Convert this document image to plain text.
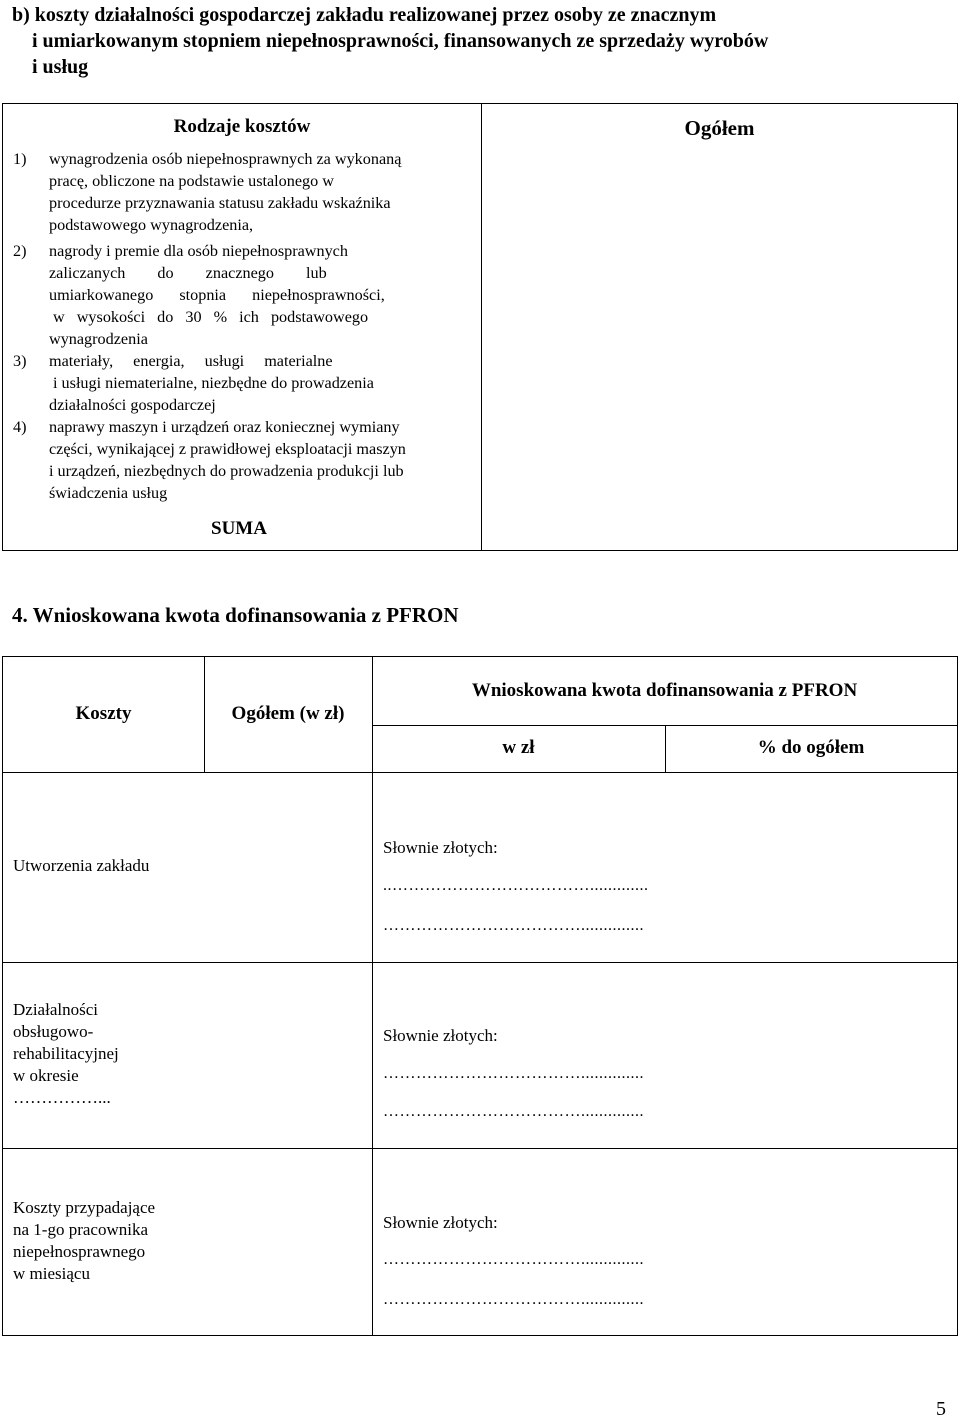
b) koszty działalności gospodarczej zakładu realizowanej przez osoby ze znacznym
i umiarkowanym stopniem niepełnosprawności, finansowanych ze sprzedaży wyrobów
i usług
Rodzaje kosztów	Ogółem
1)	wynagrodzenia osób niepełnosprawnych za wykonaną
pracę, obliczone na podstawie ustalonego w
procedurze przyznawania statusu zakładu wskaźnika
podstawowego wynagrodzenia,
2)	nagrody i premie dla osób niepełnosprawnych
zaliczanych do znacznego lub
umiarkowanego stopnia niepełnosprawności,
w wysokości do 30 % ich podstawowego
wynagrodzenia
3)	materiały, energia, usługi materialne
i usługi niematerialne, niezbędne do prowadzenia
działalności gospodarczej
4)	naprawy maszyn i urządzeń oraz koniecznej wymiany
części, wynikającej z prawidłowej eksploatacji maszyn
i urządzeń, niezbędnych do prowadzenia produkcji lub
świadczenia usług
SUMA
4. Wnioskowana kwota dofinansowania z PFRON
Koszty	Ogółem (w zł)
Wnioskowana kwota dofinansowania z PFRON
w zł	% do ogółem
Utworzenia zakładu
Słownie złotych:
..……………………………….............
………………………………..............
Działalności
obsługowo-
rehabilitacyjnej
w okresie
……………...
Słownie złotych:
………………………………..............
………………………………..............
Koszty przypadające
na 1-go pracownika
niepełnosprawnego
w miesiącu
Słownie złotych:
………………………………..............
………………………………..............
5
